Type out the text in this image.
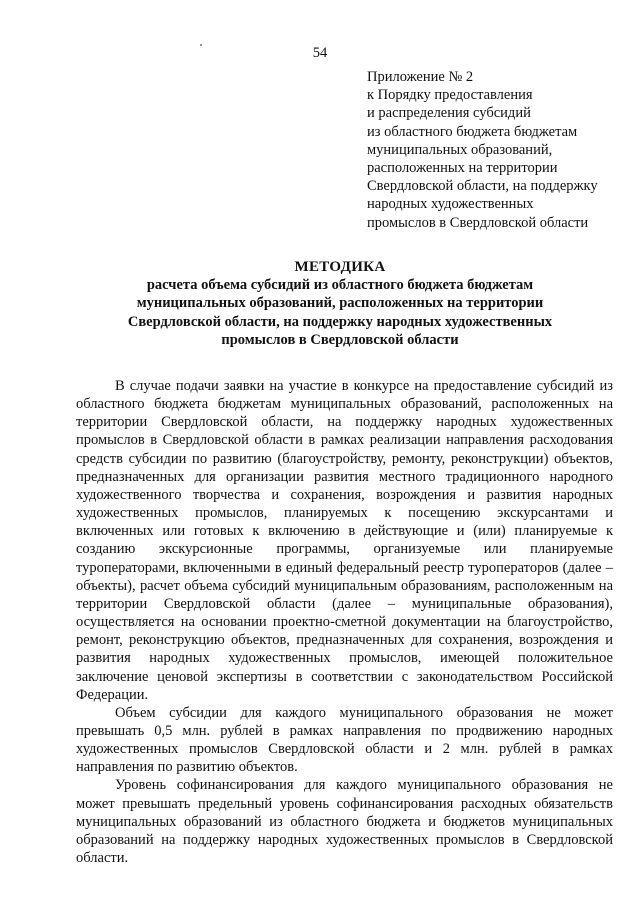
54
Приложение № 2
к Порядку предоставления
и распределения субсидий
из областного бюджета бюджетам
муниципальных образований,
расположенных на территории
Свердловской области, на поддержку
народных художественных
промыслов в Свердловской области
МЕТОДИКА
расчета объема субсидий из областного бюджета бюджетам
муниципальных образований, расположенных на территории
Свердловской области, на поддержку народных художественных
промыслов в Свердловской области

В случае подачи заявки на участие в конкурсе на предоставление субсидий из областного бюджета бюджетам муниципальных образований, расположенных на территории Свердловской области, на поддержку народных художественных промыслов в Свердловской области в рамках реализации направления расходования средств субсидии по развитию (благоустройству, ремонту, реконструкции) объектов, предназначенных для организации развития местного традиционного народного художественного творчества и сохранения, возрождения и развития народных художественных промыслов, планируемых к посещению экскурсантами и включенных или готовых к включению в действующие и (или) планируемые к созданию экскурсионные программы, организуемые или планируемые туроператорами, включенными в единый федеральный реестр туроператоров (далее – объекты), расчет объема субсидий муниципальным образованиям, расположенным на территории Свердловской области (далее – муниципальные образования), осуществляется на основании проектно-сметной документации на благоустройство, ремонт, реконструкцию объектов, предназначенных для сохранения, возрождения и развития народных художественных промыслов, имеющей положительное заключение ценовой экспертизы в соответствии с законодательством Российской Федерации.

Объем субсидии для каждого муниципального образования не может превышать 0,5 млн. рублей в рамках направления по продвижению народных художественных промыслов Свердловской области и 2 млн. рублей в рамках направления по развитию объектов.

Уровень софинансирования для каждого муниципального образования не может превышать предельный уровень софинансирования расходных обязательств муниципальных образований из областного бюджета и бюджетов муниципальных образований на поддержку народных художественных промыслов в Свердловской области.
